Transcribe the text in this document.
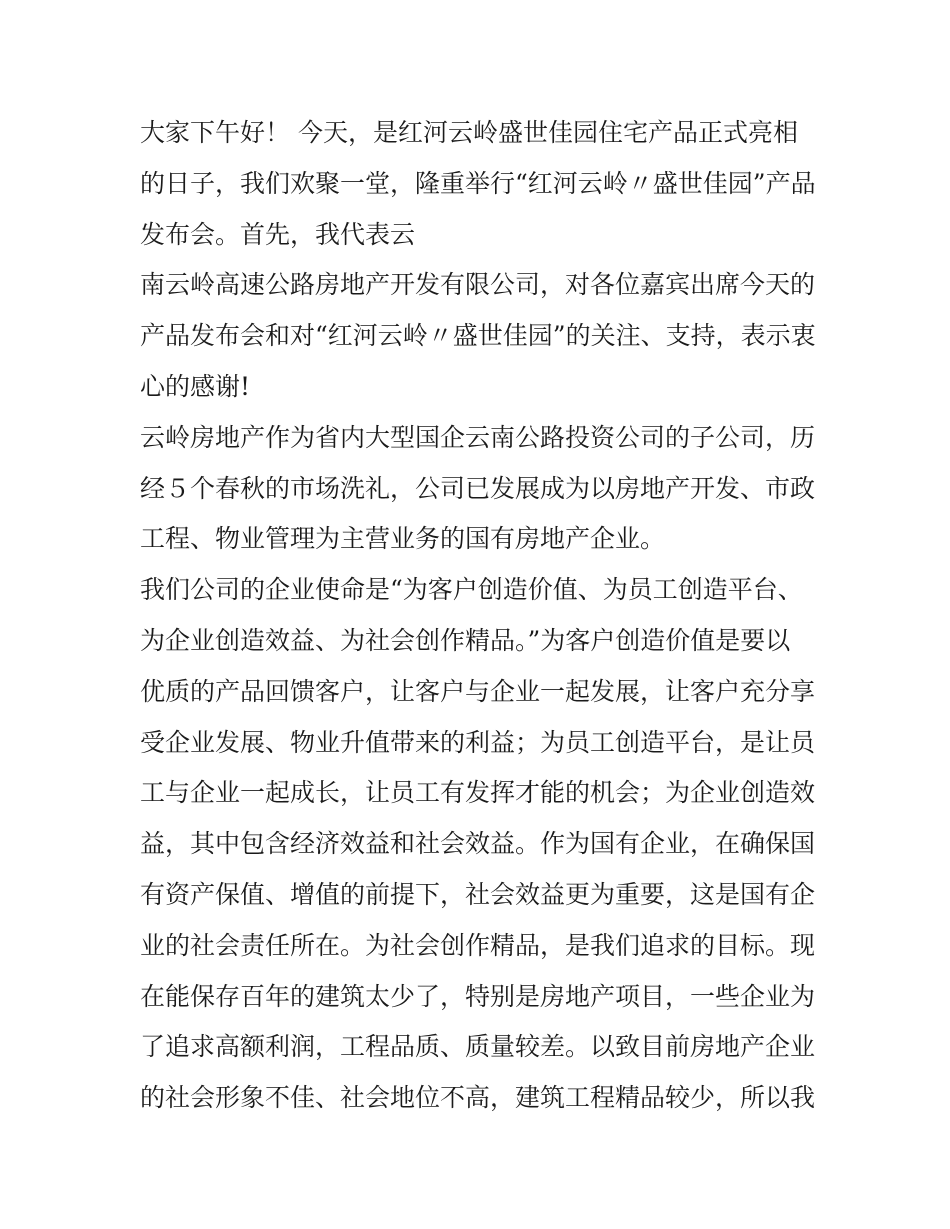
大家下午好！ 今天，是红河云岭盛世佳园住宅产品正式亮相
的日子，我们欢聚一堂，隆重举行“红河云岭〃盛世佳园”产品
发布会。首先，我代表云
南云岭高速公路房地产开发有限公司，对各位嘉宾出席今天的
产品发布会和对“红河云岭〃盛世佳园”的关注、支持，表示衷
心的感谢!
云岭房地产作为省内大型国企云南公路投资公司的子公司，历
经５个春秋的市场洗礼，公司已发展成为以房地产开发、市政
工程、物业管理为主营业务的国有房地产企业。
我们公司的企业使命是“为客户创造价值、为员工创造平台、
为企业创造效益、为社会创作精品。”为客户创造价值是要以
优质的产品回馈客户，让客户与企业一起发展，让客户充分享
受企业发展、物业升值带来的利益；为员工创造平台，是让员
工与企业一起成长，让员工有发挥才能的机会；为企业创造效
益，其中包含经济效益和社会效益。作为国有企业，在确保国
有资产保值、增值的前提下，社会效益更为重要，这是国有企
业的社会责任所在。为社会创作精品，是我们追求的目标。现
在能保存百年的建筑太少了，特别是房地产项目，一些企业为
了追求高额利润，工程品质、质量较差。以致目前房地产企业
的社会形象不佳、社会地位不高，建筑工程精品较少，所以我
